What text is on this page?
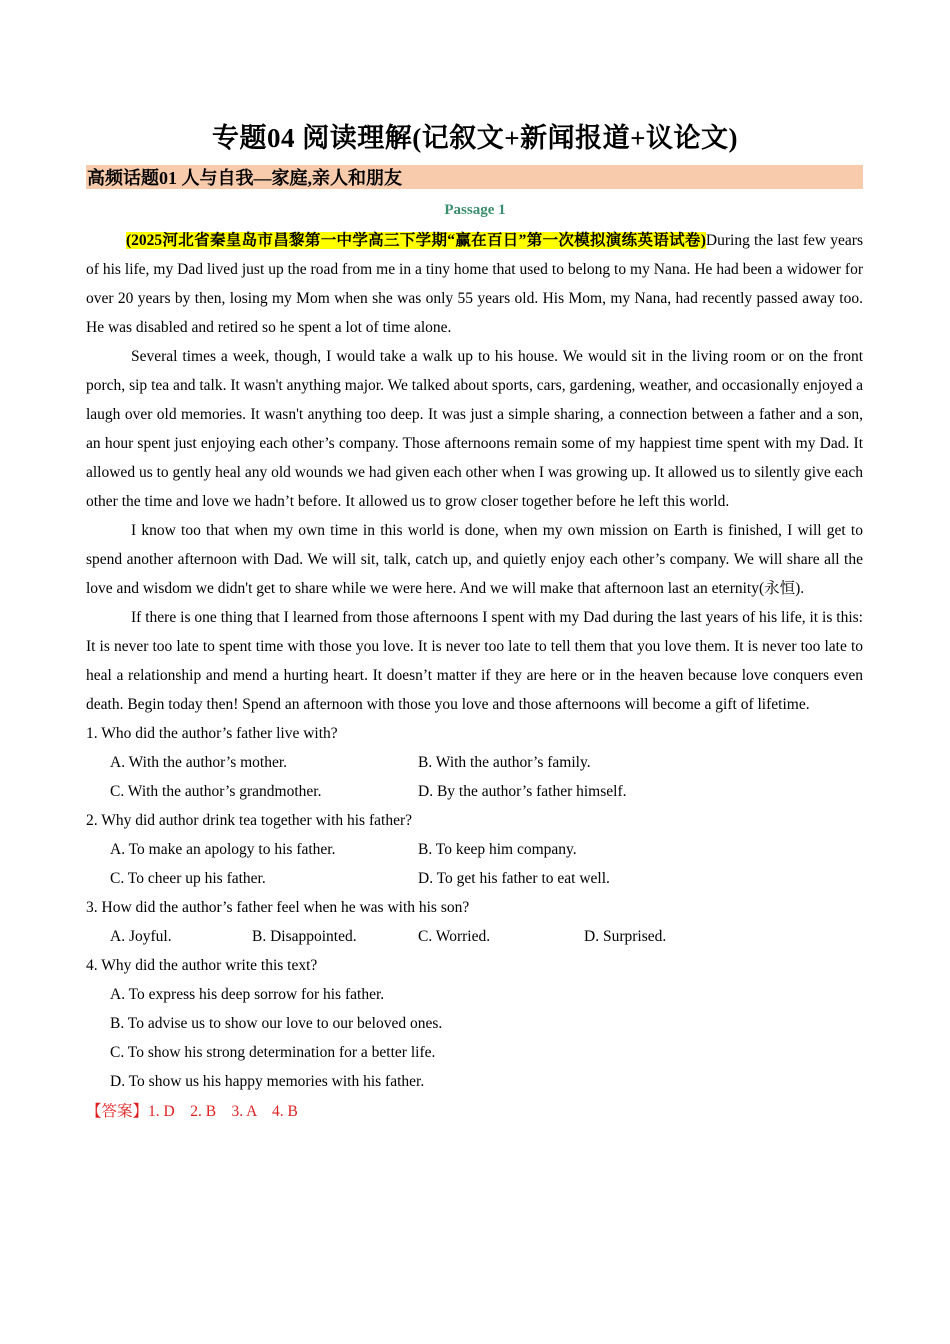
专题04 阅读理解(记叙文+新闻报道+议论文)
高频话题01 人与自我—家庭,亲人和朋友
Passage 1

(2025河北省秦皇岛市昌黎第一中学高三下学期“赢在百日”第一次模拟演练英语试卷)During the last few years of his life, my Dad lived just up the road from me in a tiny home that used to belong to my Nana. He had been a widower for over 20 years by then, losing my Mom when she was only 55 years old. His Mom, my Nana, had recently passed away too. He was disabled and retired so he spent a lot of time alone.

Several times a week, though, I would take a walk up to his house. We would sit in the living room or on the front porch, sip tea and talk. It wasn't anything major. We talked about sports, cars, gardening, weather, and occasionally enjoyed a laugh over old memories. It wasn't anything too deep. It was just a simple sharing, a connection between a father and a son, an hour spent just enjoying each other’s company. Those afternoons remain some of my happiest time spent with my Dad. It allowed us to gently heal any old wounds we had given each other when I was growing up. It allowed us to silently give each other the time and love we hadn’t before. It allowed us to grow closer together before he left this world.

I know too that when my own time in this world is done, when my own mission on Earth is finished, I will get to spend another afternoon with Dad. We will sit, talk, catch up, and quietly enjoy each other’s company. We will share all the love and wisdom we didn't get to share while we were here. And we will make that afternoon last an eternity(永恒).

If there is one thing that I learned from those afternoons I spent with my Dad during the last years of his life, it is this: It is never too late to spent time with those you love. It is never too late to tell them that you love them. It is never too late to heal a relationship and mend a hurting heart. It doesn’t matter if they are here or in the heaven because love conquers even death. Begin today then! Spend an afternoon with those you love and those afternoons will become a gift of lifetime.

1. Who did the author’s father live with?

A. With the author’s mother.	B. With the author’s family.
C. With the author’s grandmother.	D. By the author’s father himself.

2. Why did author drink tea together with his father?

A. To make an apology to his father.	B. To keep him company.
C. To cheer up his father.	D. To get his father to eat well.

3. How did the author’s father feel when he was with his son?

A. Joyful.	B. Disappointed.	C. Worried.	D. Surprised.

4. Why did the author write this text?

A. To express his deep sorrow for his father.

B. To advise us to show our love to our beloved ones.

C. To show his strong determination for a better life.

D. To show us his happy memories with his father.

【答案】1. D    2. B    3. A    4. B
